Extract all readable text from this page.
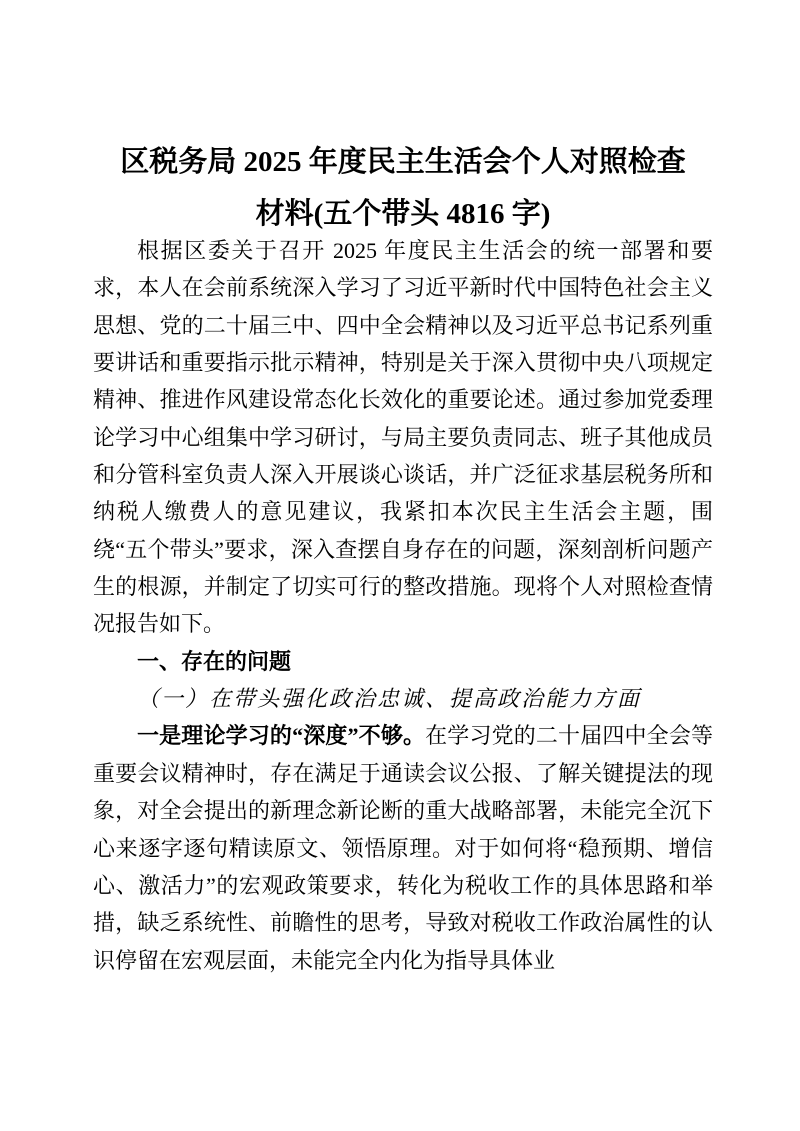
区税务局 2025 年度民主生活会个人对照检查
材料(五个带头 4816 字)

根据区委关于召开 2025 年度民主生活会的统一部署和要求，本人在会前系统深入学习了习近平新时代中国特色社会主义思想、党的二十届三中、四中全会精神以及习近平总书记系列重要讲话和重要指示批示精神，特别是关于深入贯彻中央八项规定精神、推进作风建设常态化长效化的重要论述。通过参加党委理论学习中心组集中学习研讨，与局主要负责同志、班子其他成员和分管科室负责人深入开展谈心谈话，并广泛征求基层税务所和纳税人缴费人的意见建议，我紧扣本次民主生活会主题，围绕“五个带头”要求，深入查摆自身存在的问题，深刻剖析问题产生的根源，并制定了切实可行的整改措施。现将个人对照检查情况报告如下。

一、存在的问题
（一）在带头强化政治忠诚、提高政治能力方面

一是理论学习的“深度”不够。在学习党的二十届四中全会等重要会议精神时，存在满足于通读会议公报、了解关键提法的现象，对全会提出的新理念新论断的重大战略部署，未能完全沉下心来逐字逐句精读原文、领悟原理。对于如何将“稳预期、增信心、激活力”的宏观政策要求，转化为税收工作的具体思路和举措，缺乏系统性、前瞻性的思考，导致对税收工作政治属性的认识停留在宏观层面，未能完全内化为指导具体业
